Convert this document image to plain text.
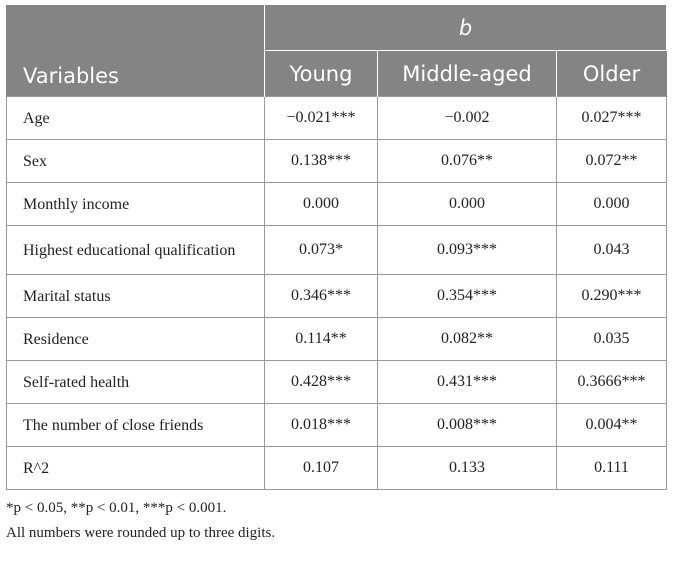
Variables	b		
	Young	Middle-aged	Older
Age	−0.021***	−0.002	0.027***
Sex	0.138***	0.076**	0.072**
Monthly income	0.000	0.000	0.000
Highest educational qualification	0.073*	0.093***	0.043
Marital status	0.346***	0.354***	0.290***
Residence	0.114**	0.082**	0.035
Self-rated health	0.428***	0.431***	0.3666***
The number of close friends	0.018***	0.008***	0.004**
R^2	0.107	0.133	0.111
*p < 0.05, **p < 0.01, ***p < 0.001.
All numbers were rounded up to three digits.
